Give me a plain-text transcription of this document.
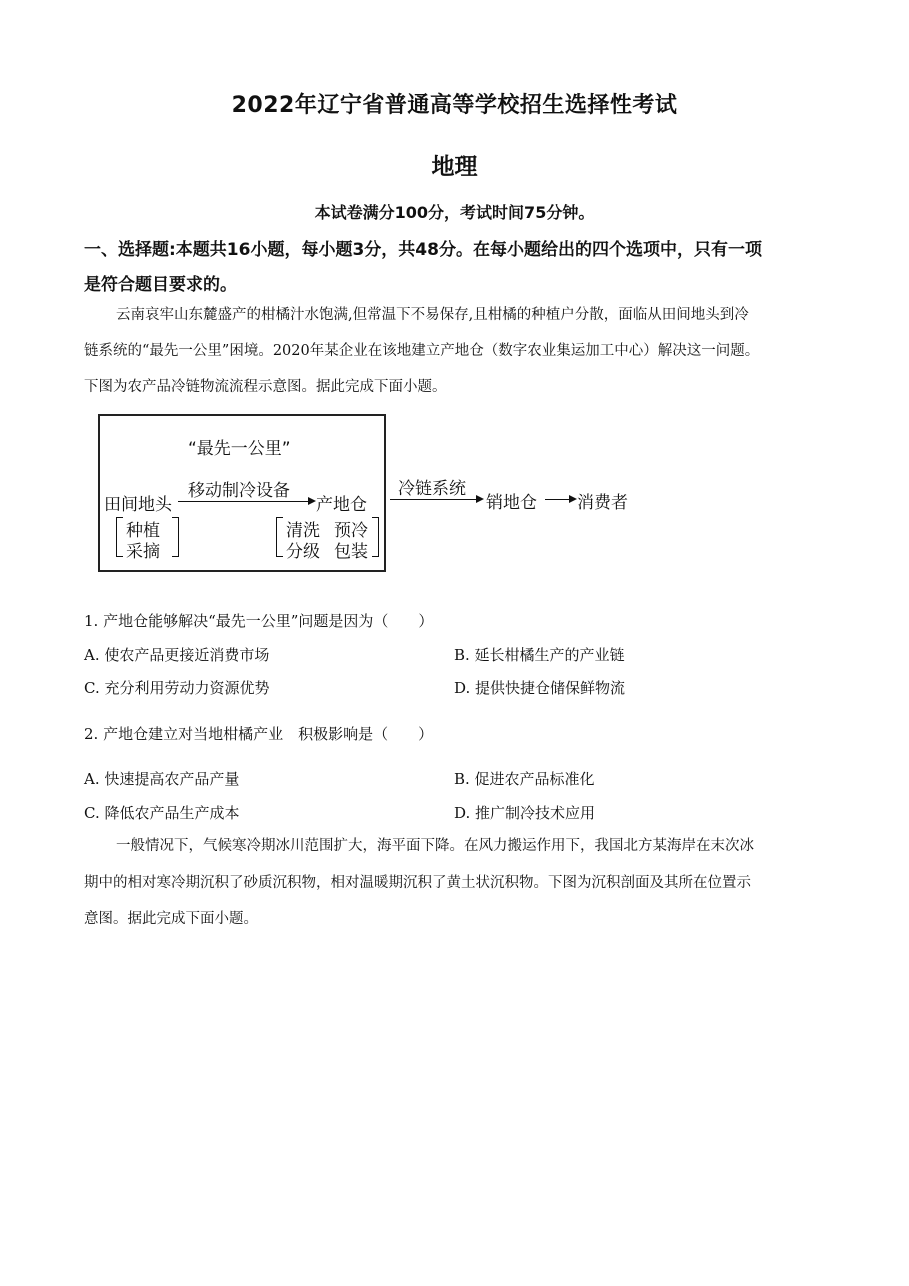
2022年辽宁省普通高等学校招生选择性考试
地理
本试卷满分100分，考试时间75分钟。
一、选择题:本题共16小题，每小题3分，共48分。在每小题给出的四个选项中，只有一项
是符合题目要求的。
云南哀牢山东麓盛产的柑橘汁水饱满,但常温下不易保存,且柑橘的种植户分散，面临从田间地头到冷
链系统的“最先一公里”困境。2020年某企业在该地建立产地仓（数字农业集运加工中心）解决这一问题。
下图为农产品冷链物流流程示意图。据此完成下面小题。
“最先一公里”
移动制冷设备
田间地头	产地仓
种植
采摘
清洗 预冷
分级 包装
冷链系统
销地仓 消费者
1. 产地仓能够解决“最先一公里”问题是因为（　　）
A. 使农产品更接近消费市场	B. 延长柑橘生产的产业链
C. 充分利用劳动力资源优势	D. 提供快捷仓储保鲜物流
2. 产地仓建立对当地柑橘产业　积极影响是（　　）
A. 快速提高农产品产量	B. 促进农产品标准化
C. 降低农产品生产成本	D. 推广制冷技术应用
一般情况下，气候寒冷期冰川范围扩大，海平面下降。在风力搬运作用下，我国北方某海岸在末次冰
期中的相对寒冷期沉积了砂质沉积物，相对温暖期沉积了黄土状沉积物。下图为沉积剖面及其所在位置示
意图。据此完成下面小题。
